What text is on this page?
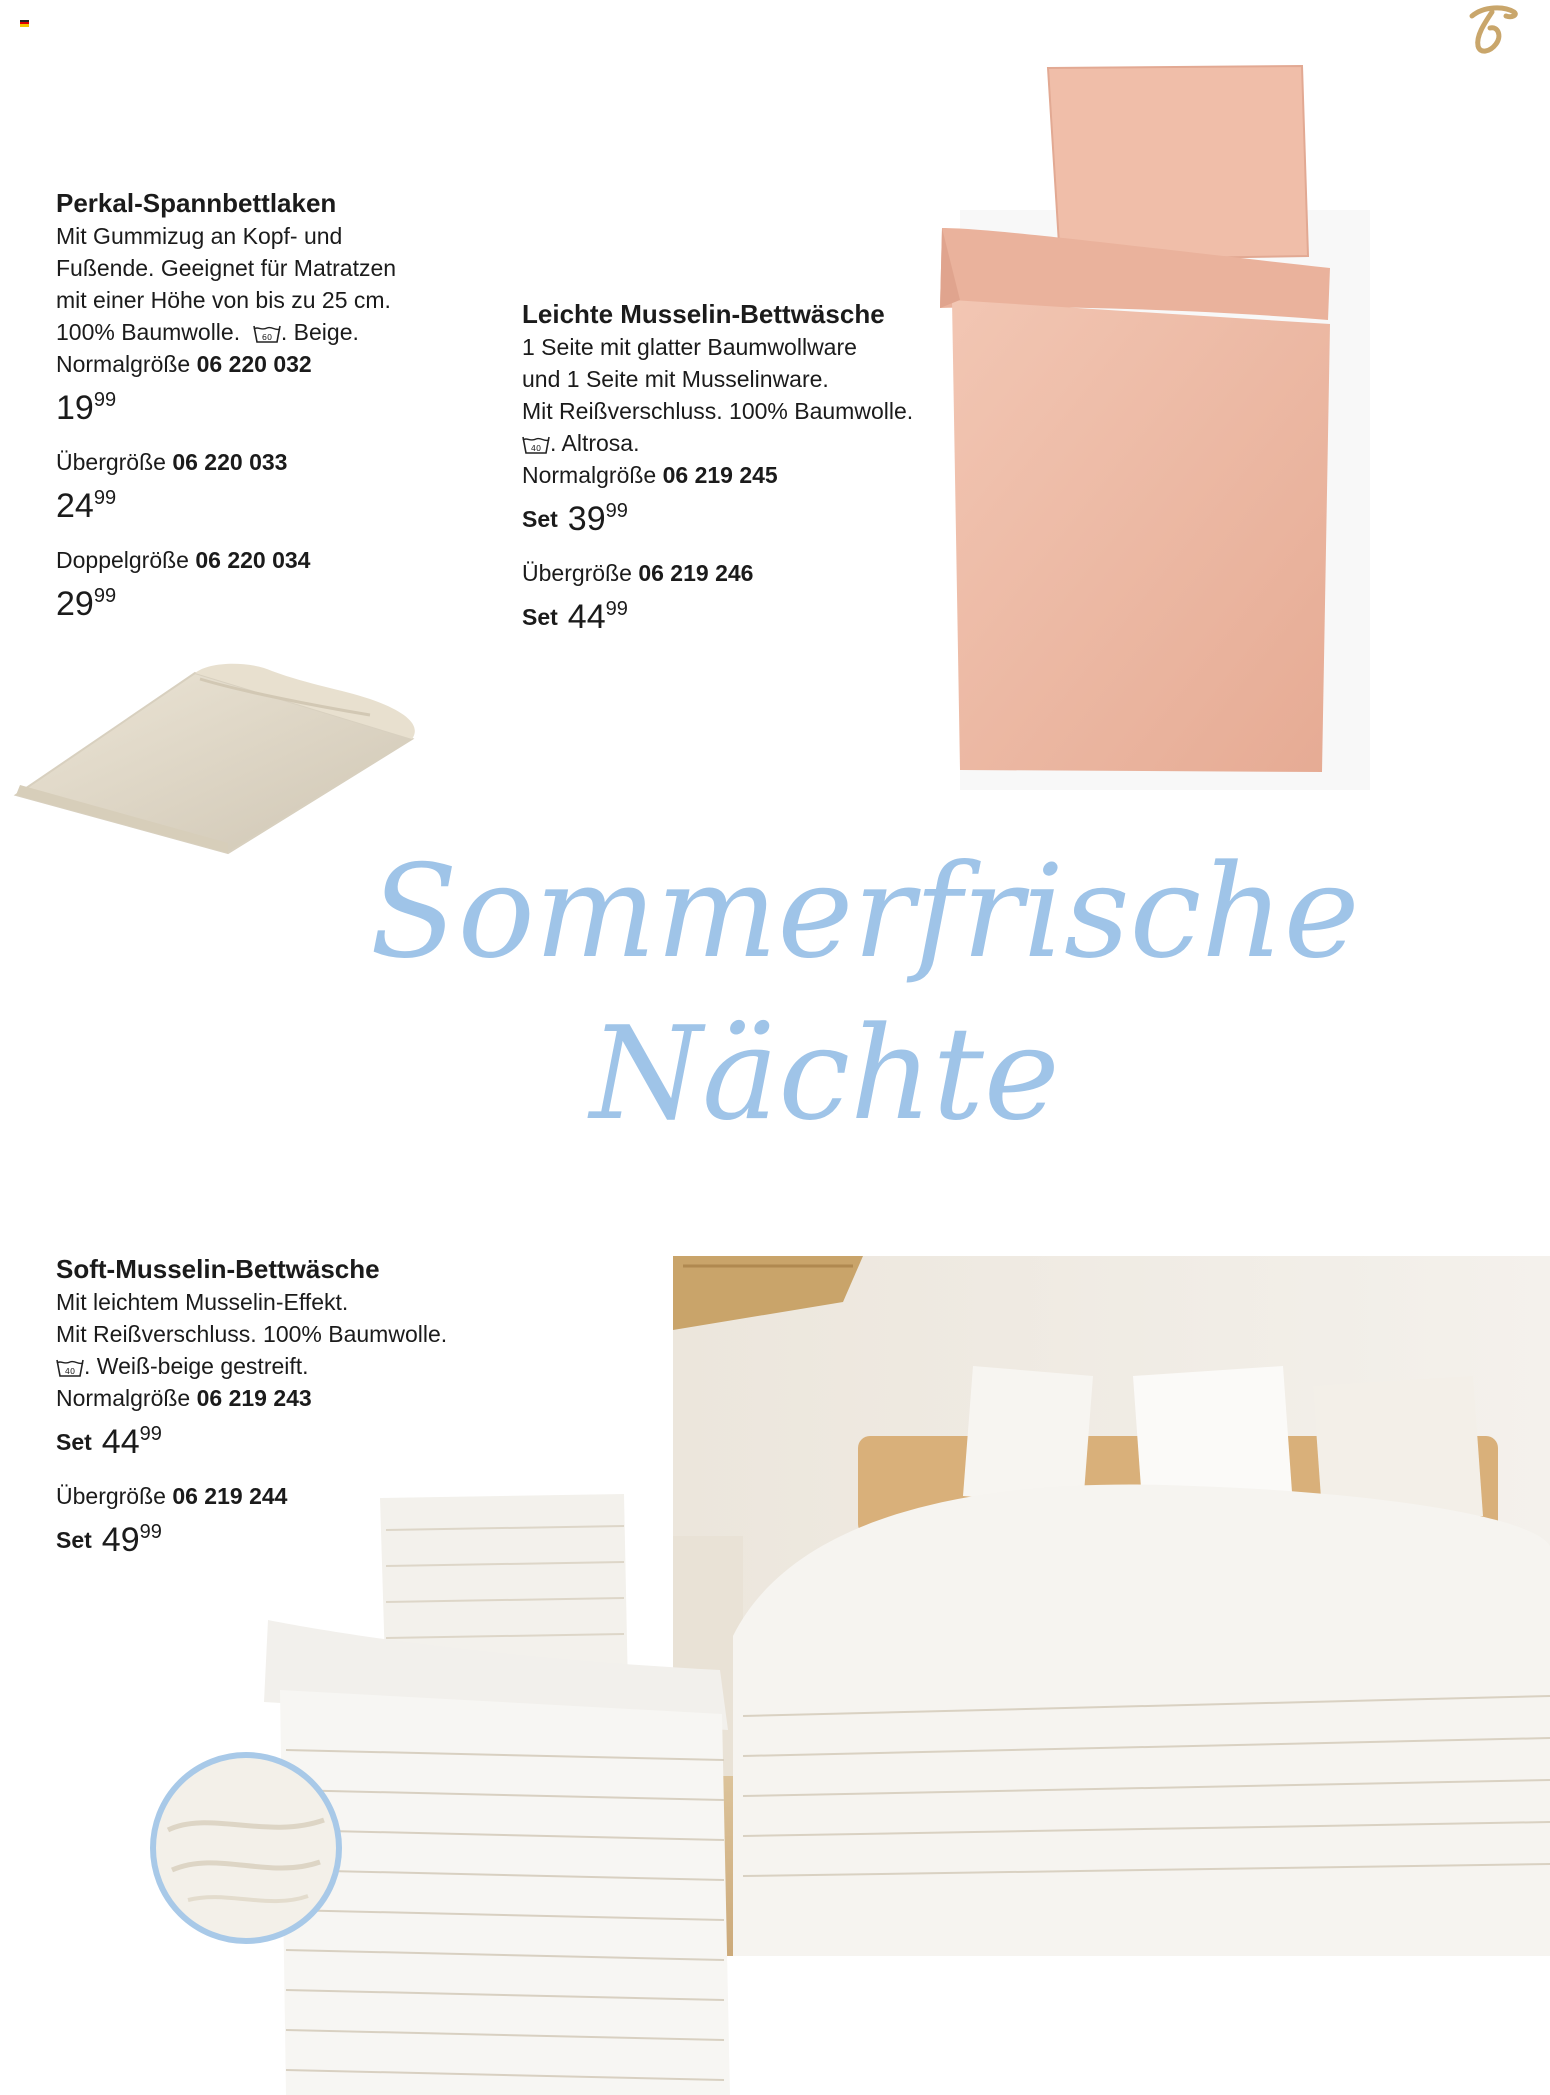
Perkal-Spannbettlaken
Mit Gummizug an Kopf- und
Fußende. Geeignet für Matratzen
mit einer Höhe von bis zu 25 cm.
100% Baumwolle.	60 . Beige.
Normalgröße 06 220 032
$19^{99}$
Übergröße 06 220 033
$24^{99}$
Doppelgröße 06 220 034
$29^{99}$
Leichte Musselin-Bettwäsche
1 Seite mit glatter Baumwollware
und 1 Seite mit Musselinware.
Mit Reißverschluss. 100% Baumwolle.
40 . Altrosa.
Normalgröße 06 219 245
Set $39^{99}$
Übergröße 06 219 246
Set $44^{99}$
Sommerfrische
Nächte
Soft-Musselin-Bettwäsche
Mit leichtem Musselin-Effekt.
Mit Reißverschluss. 100% Baumwolle.
40 . Weiß-beige gestreift.
Normalgröße 06 219 243
Set $44^{99}$
Übergröße 06 219 244
Set $49^{99}$
